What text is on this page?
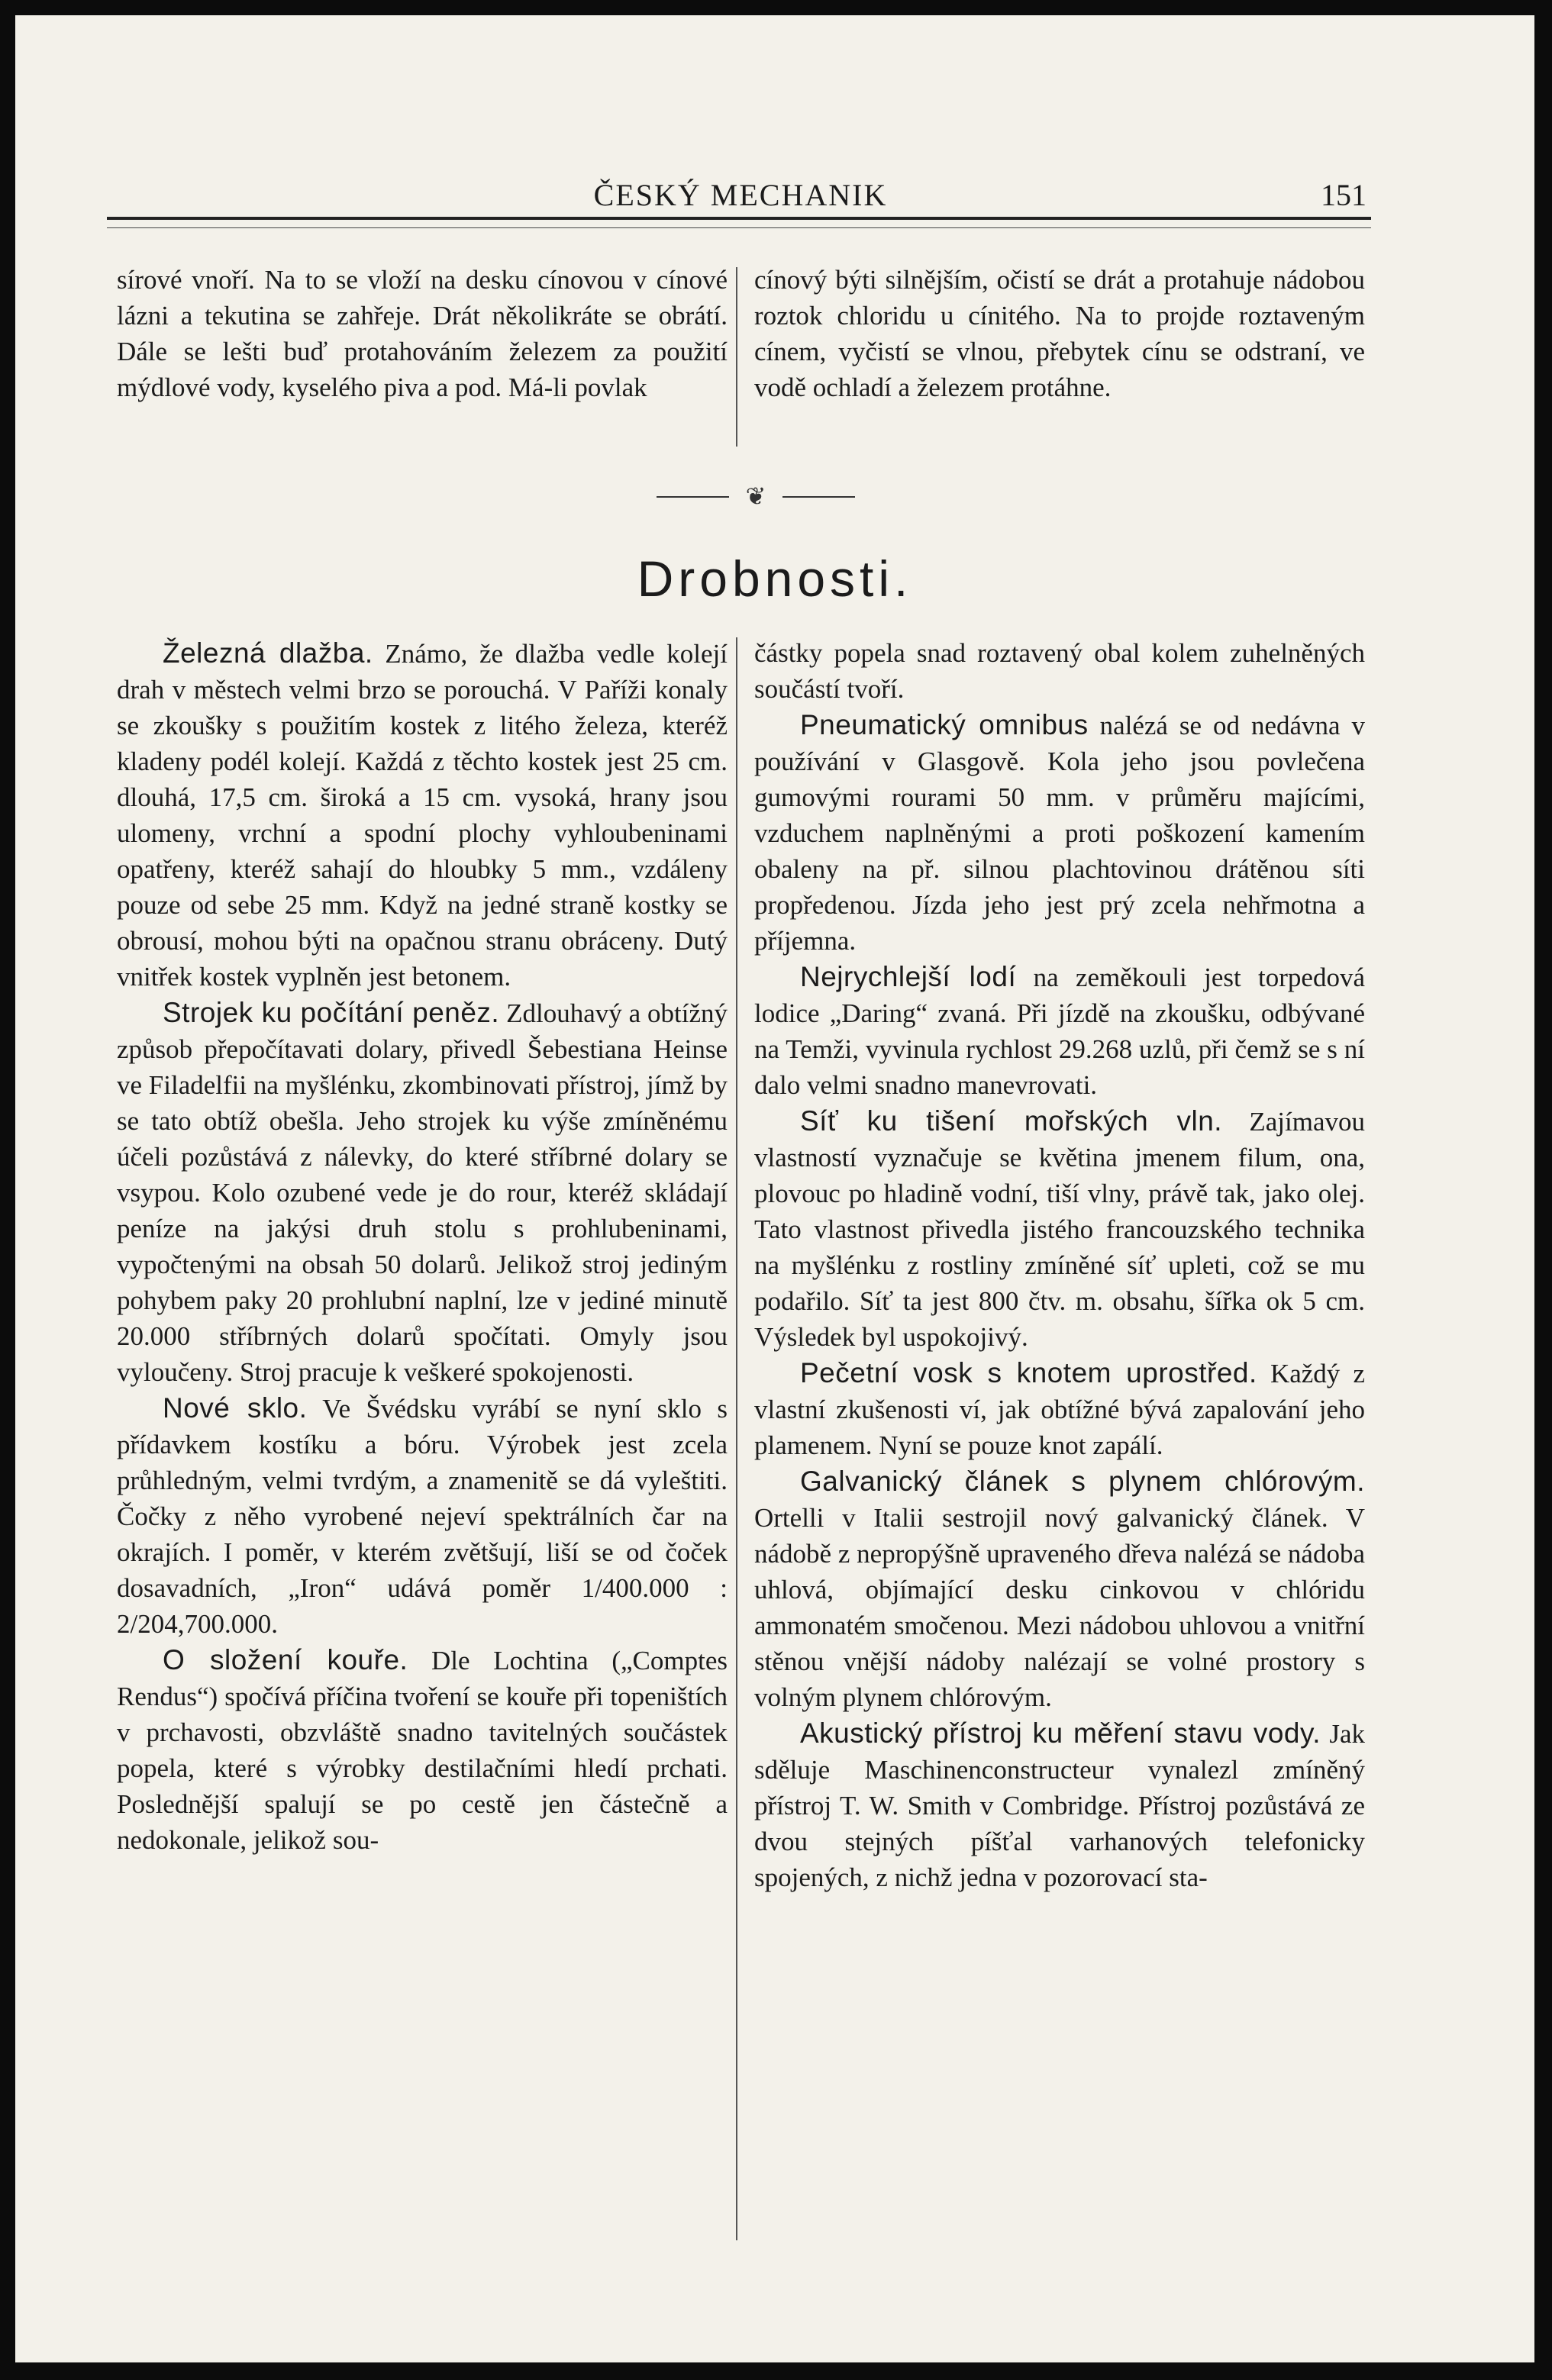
ČESKÝ MECHANIK	151

sírové vnoří. Na to se vloží na desku cínovou v cínové lázni a tekutina se zahřeje. Drát několikráte se obrátí. Dále se lešti buď protahováním železem za použití mýdlové vody, kyselého piva a pod. Má-li povlak

cínový býti silnějším, očistí se drát a protahuje nádobou roztok chloridu u cínitého. Na to projde roztaveným cínem, vyčistí se vlnou, přebytek cínu se odstraní, ve vodě ochladí a železem protáhne.

❦
Drobnosti.

Železná dlažba. Známo, že dlažba vedle kolejí drah v městech velmi brzo se porouchá. V Paříži konaly se zkoušky s použitím kostek z litého železa, kteréž kladeny podél kolejí. Každá z těchto kostek jest 25 cm. dlouhá, 17,5 cm. široká a 15 cm. vysoká, hrany jsou ulomeny, vrchní a spodní plochy vyhloubeninami opatřeny, kteréž sahají do hloubky 5 mm., vzdáleny pouze od sebe 25 mm. Když na jedné straně kostky se obrousí, mohou býti na opačnou stranu obráceny. Dutý vnitřek kostek vyplněn jest betonem.

Strojek ku počítání peněz. Zdlouhavý a obtížný způsob přepočítavati dolary, přivedl Šebestiana Heinse ve Filadelfii na myšlénku, zkombinovati přístroj, jímž by se tato obtíž obešla. Jeho strojek ku výše zmíněnému účeli pozůstává z nálevky, do které stříbrné dolary se vsypou. Kolo ozubené vede je do rour, kteréž skládají peníze na jakýsi druh stolu s prohlubeninami, vypočtenými na obsah 50 dolarů. Jelikož stroj jediným pohybem paky 20 prohlubní naplní, lze v jediné minutě 20.000 stříbrných dolarů spočítati. Omyly jsou vyloučeny. Stroj pracuje k veškeré spokojenosti.

Nové sklo. Ve Švédsku vyrábí se nyní sklo s přídavkem kostíku a bóru. Výrobek jest zcela průhledným, velmi tvrdým, a znamenitě se dá vyleštiti. Čočky z něho vyrobené nejeví spektrálních čar na okrajích. I poměr, v kterém zvětšují, liší se od čoček dosavadních, „Iron“ udává poměr 1/400.000 : 2/204,700.000.

O složení kouře. Dle Lochtina („Comptes Rendus“) spočívá příčina tvoření se kouře při topeništích v prchavosti, obzvláště snadno tavitelných součástek popela, které s výrobky destilačními hledí prchati. Poslednější spalují se po cestě jen částečně a nedokonale, jelikož sou-

částky popela snad roztavený obal kolem zuhelněných součástí tvoří.

Pneumatický omnibus nalézá se od nedávna v používání v Glasgově. Kola jeho jsou povlečena gumovými rourami 50 mm. v průměru majícími, vzduchem naplněnými a proti poškození kamením obaleny na př. silnou plachtovinou drátěnou síti propředenou. Jízda jeho jest prý zcela nehřmotna a příjemna.

Nejrychlejší lodí na zeměkouli jest torpedová lodice „Daring“ zvaná. Při jízdě na zkoušku, odbývané na Temži, vyvinula rychlost 29.268 uzlů, při čemž se s ní dalo velmi snadno manevrovati.

Síť ku tišení mořských vln. Zajímavou vlastností vyznačuje se květina jmenem filum, ona, plovouc po hladině vodní, tiší vlny, právě tak, jako olej. Tato vlastnost přivedla jistého francouzského technika na myšlénku z rostliny zmíněné síť upleti, což se mu podařilo. Síť ta jest 800 čtv. m. obsahu, šířka ok 5 cm. Výsledek byl uspokojivý.

Pečetní vosk s knotem uprostřed. Každý z vlastní zkušenosti ví, jak obtížné bývá zapalování jeho plamenem. Nyní se pouze knot zapálí.

Galvanický článek s plynem chlórovým. Ortelli v Italii sestrojil nový galvanický článek. V nádobě z nepropýšně upraveného dřeva nalézá se nádoba uhlová, objímající desku cinkovou v chlóridu ammonatém smočenou. Mezi nádobou uhlovou a vnitřní stěnou vnější nádoby nalézají se volné prostory s volným plynem chlórovým.

Akustický přístroj ku měření stavu vody. Jak sděluje Maschinenconstructeur vynalezl zmíněný přístroj T. W. Smith v Combridge. Přístroj pozůstává ze dvou stejných píšťal varhanových telefonicky spojených, z nichž jedna v pozorovací sta-
